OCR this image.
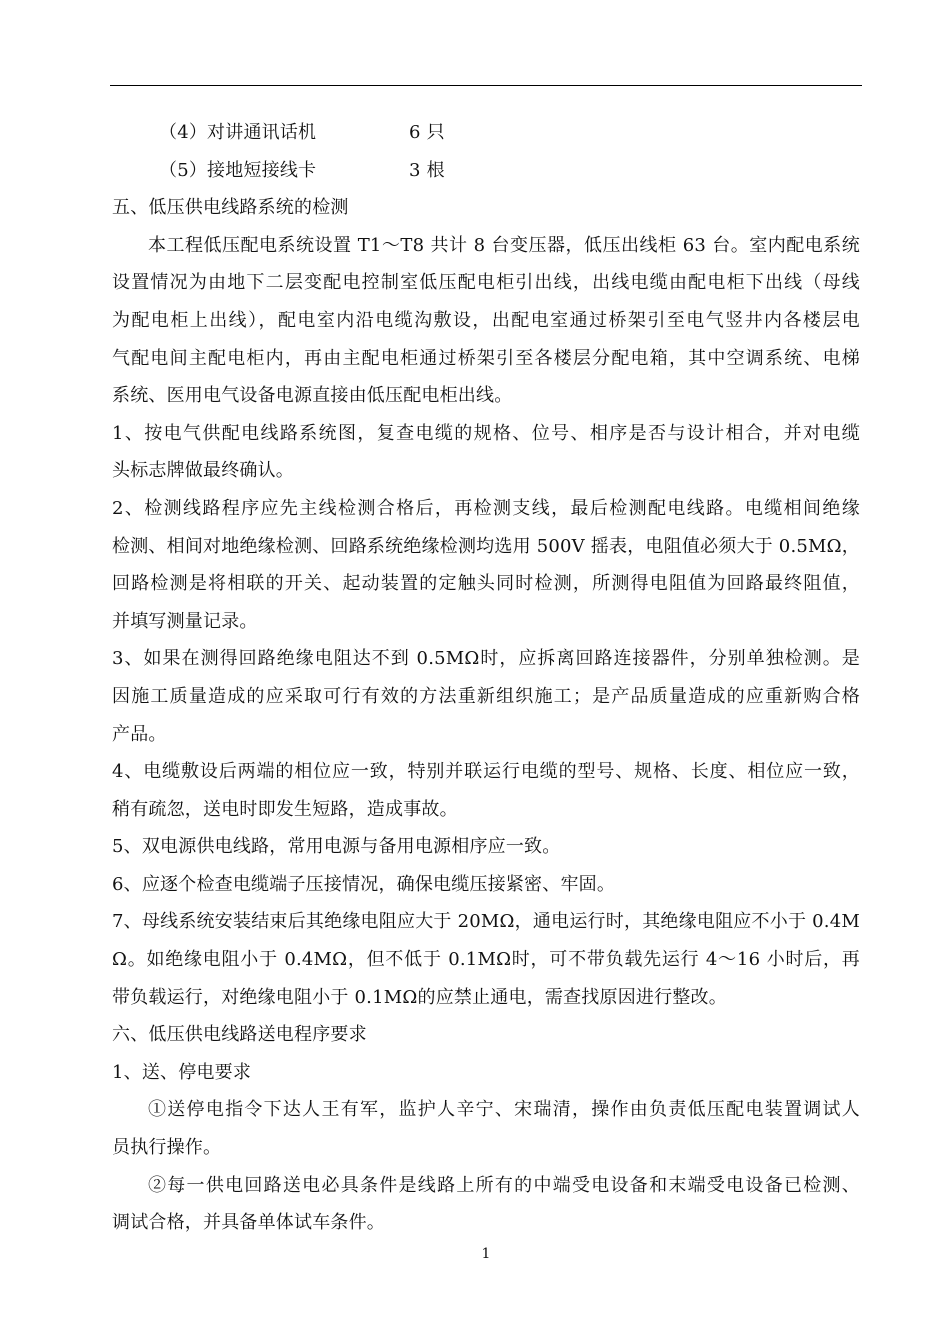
（4）对讲通讯话机	6 只
（5）接地短接线卡	3 根
五、低压供电线路系统的检测
本工程低压配电系统设置 T1～T8 共计 8 台变压器，低压出线柜 63 台。室内配电系统
设置情况为由地下二层变配电控制室低压配电柜引出线，出线电缆由配电柜下出线（母线
为配电柜上出线），配电室内沿电缆沟敷设，出配电室通过桥架引至电气竖井内各楼层电
气配电间主配电柜内，再由主配电柜通过桥架引至各楼层分配电箱，其中空调系统、电梯
系统、医用电气设备电源直接由低压配电柜出线。
1、按电气供配电线路系统图，复查电缆的规格、位号、相序是否与设计相合，并对电缆
头标志牌做最终确认。
2、检测线路程序应先主线检测合格后，再检测支线，最后检测配电线路。电缆相间绝缘
检测、相间对地绝缘检测、回路系统绝缘检测均选用 500V 摇表，电阻值必须大于 0.5MΩ，
回路检测是将相联的开关、起动装置的定触头同时检测，所测得电阻值为回路最终阻值，
并填写测量记录。
3、如果在测得回路绝缘电阻达不到 0.5MΩ时，应拆离回路连接器件，分别单独检测。是
因施工质量造成的应采取可行有效的方法重新组织施工；是产品质量造成的应重新购合格
产品。
4、电缆敷设后两端的相位应一致，特别并联运行电缆的型号、规格、长度、相位应一致，
稍有疏忽，送电时即发生短路，造成事故。
5、双电源供电线路，常用电源与备用电源相序应一致。
6、应逐个检查电缆端子压接情况，确保电缆压接紧密、牢固。
7、母线系统安装结束后其绝缘电阻应大于 20MΩ，通电运行时，其绝缘电阻应不小于 0.4M
Ω。如绝缘电阻小于 0.4MΩ，但不低于 0.1MΩ时，可不带负载先运行 4～16 小时后，再
带负载运行，对绝缘电阻小于 0.1MΩ的应禁止通电，需查找原因进行整改。
六、低压供电线路送电程序要求
1、送、停电要求
①送停电指令下达人王有军，监护人辛宁、宋瑞清，操作由负责低压配电装置调试人
员执行操作。
②每一供电回路送电必具条件是线路上所有的中端受电设备和末端受电设备已检测、
调试合格，并具备单体试车条件。
1
